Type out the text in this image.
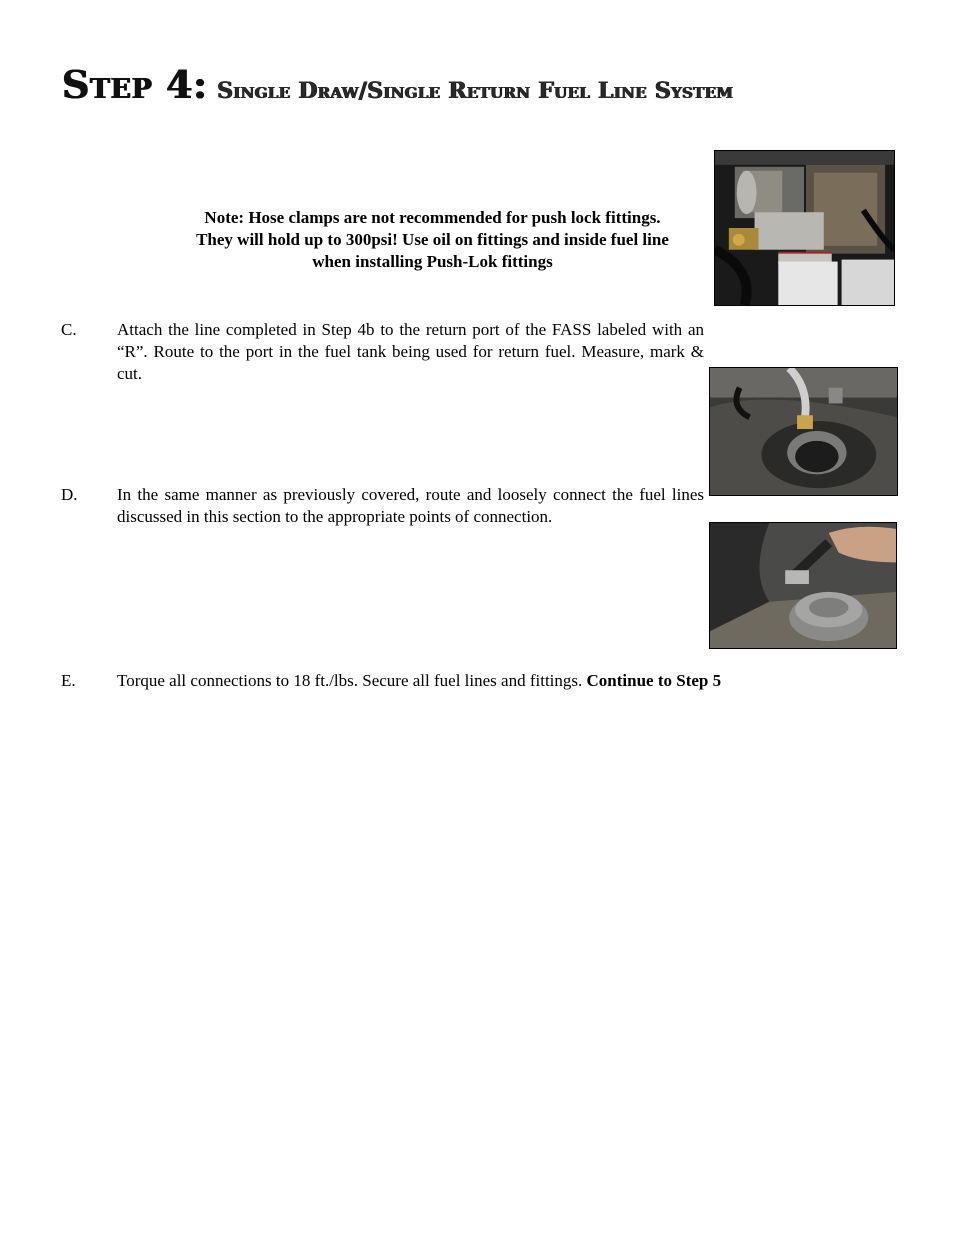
Step 4: Single Draw/Single Return Fuel Line System
Note: Hose clamps are not recommended for push lock fittings.
They will hold up to 300psi! Use oil on fittings and inside fuel line
when installing Push-Lok fittings
C. Attach the line completed in Step 4b to the return port of the FASS labeled with an “R”. Route to the port in the fuel tank being used for return fuel. Measure, mark & cut.
D. In the same manner as previously covered, route and loosely connect the fuel lines discussed in this section to the appropriate points of connection.
E. Torque all connections to 18 ft./lbs. Secure all fuel lines and fittings. Continue to Step 5
